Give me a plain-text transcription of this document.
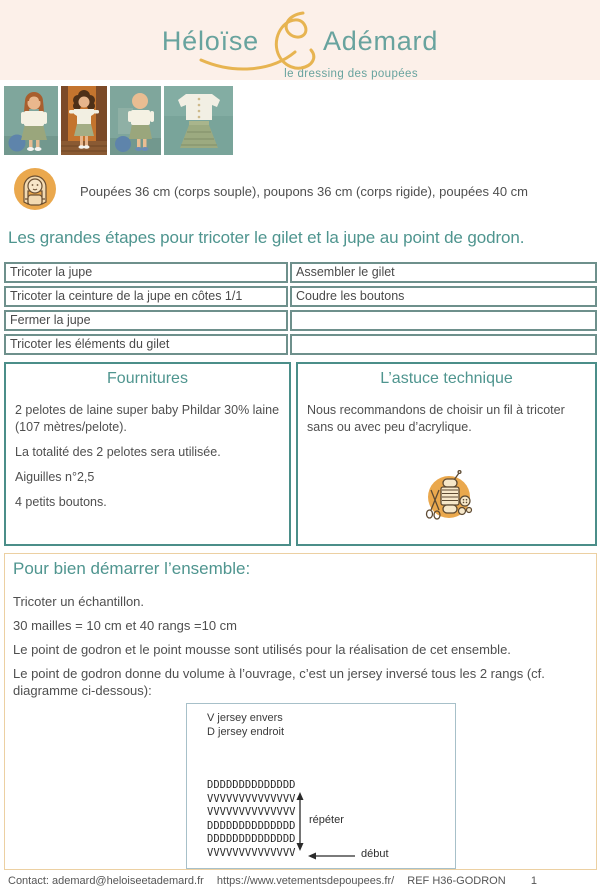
Héloïse Adémard
le dressing des poupées
Poupées 36 cm (corps souple), poupons 36 cm (corps rigide), poupées 40 cm
Les grandes étapes pour tricoter le gilet et la jupe au point de godron.
Tricoter la jupe	Assembler le gilet
Tricoter la ceinture de la jupe en côtes 1/1	Coudre les boutons
Fermer la jupe
Tricoter les éléments du gilet
Fournitures

2 pelotes de laine super baby Phildar 30% laine (107 mètres/pelote).

La totalité des 2 pelotes sera utilisée.

Aiguilles n°2,5

4 petits boutons.

L’astuce technique

Nous recommandons de choisir un fil à tricoter sans ou avec peu d’acrylique.

Pour bien démarrer l’ensemble:

Tricoter un échantillon.

30 mailles = 10 cm et 40 rangs =10 cm

Le point de godron et le point mousse sont utilisés pour la réalisation de cet ensemble.

Le point de godron donne du volume à l’ouvrage, c’est un jersey inversé tous les 2 rangs (cf. diagramme ci-dessous):

V jersey envers
D jersey endroit
DDDDDDDDDDDDDD
VVVVVVVVVVVVVV
VVVVVVVVVVVVVV
DDDDDDDDDDDDDD
DDDDDDDDDDDDDD
VVVVVVVVVVVVVV
répéter
début
Contact: ademard@heloiseetademard.fr https://www.vetementsdepoupees.fr/ REF H36-GODRON 1
